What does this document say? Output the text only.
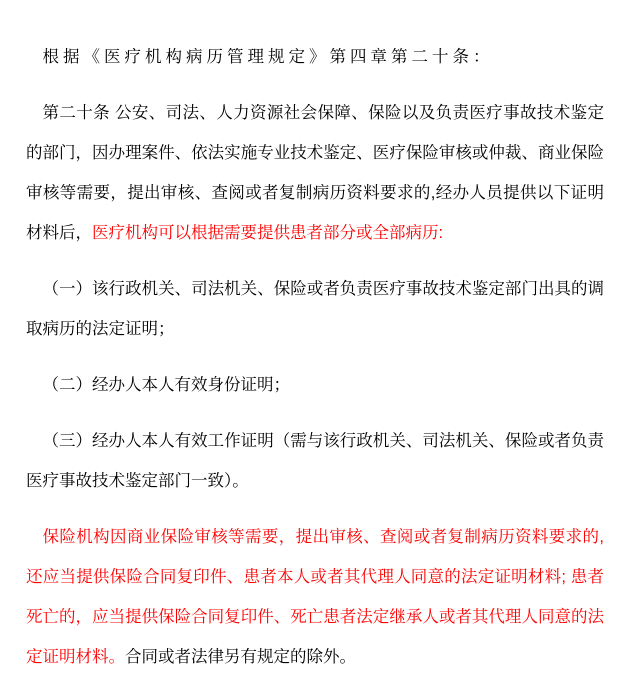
根据《医疗机构病历管理规定》第四章第二十条：

第二十条 公安、司法、人力资源社会保障、保险以及负责医疗事故技术鉴定的部门，因办理案件、依法实施专业技术鉴定、医疗保险审核或仲裁、商业保险审核等需要，提出审核、查阅或者复制病历资料要求的,经办人员提供以下证明材料后，医疗机构可以根据需要提供患者部分或全部病历:

（一）该行政机关、司法机关、保险或者负责医疗事故技术鉴定部门出具的调取病历的法定证明；

（二）经办人本人有效身份证明；

（三）经办人本人有效工作证明（需与该行政机关、司法机关、保险或者负责医疗事故技术鉴定部门一致）。

保险机构因商业保险审核等需要，提出审核、查阅或者复制病历资料要求的,还应当提供保险合同复印件、患者本人或者其代理人同意的法定证明材料; 患者死亡的，应当提供保险合同复印件、死亡患者法定继承人或者其代理人同意的法定证明材料。合同或者法律另有规定的除外。
